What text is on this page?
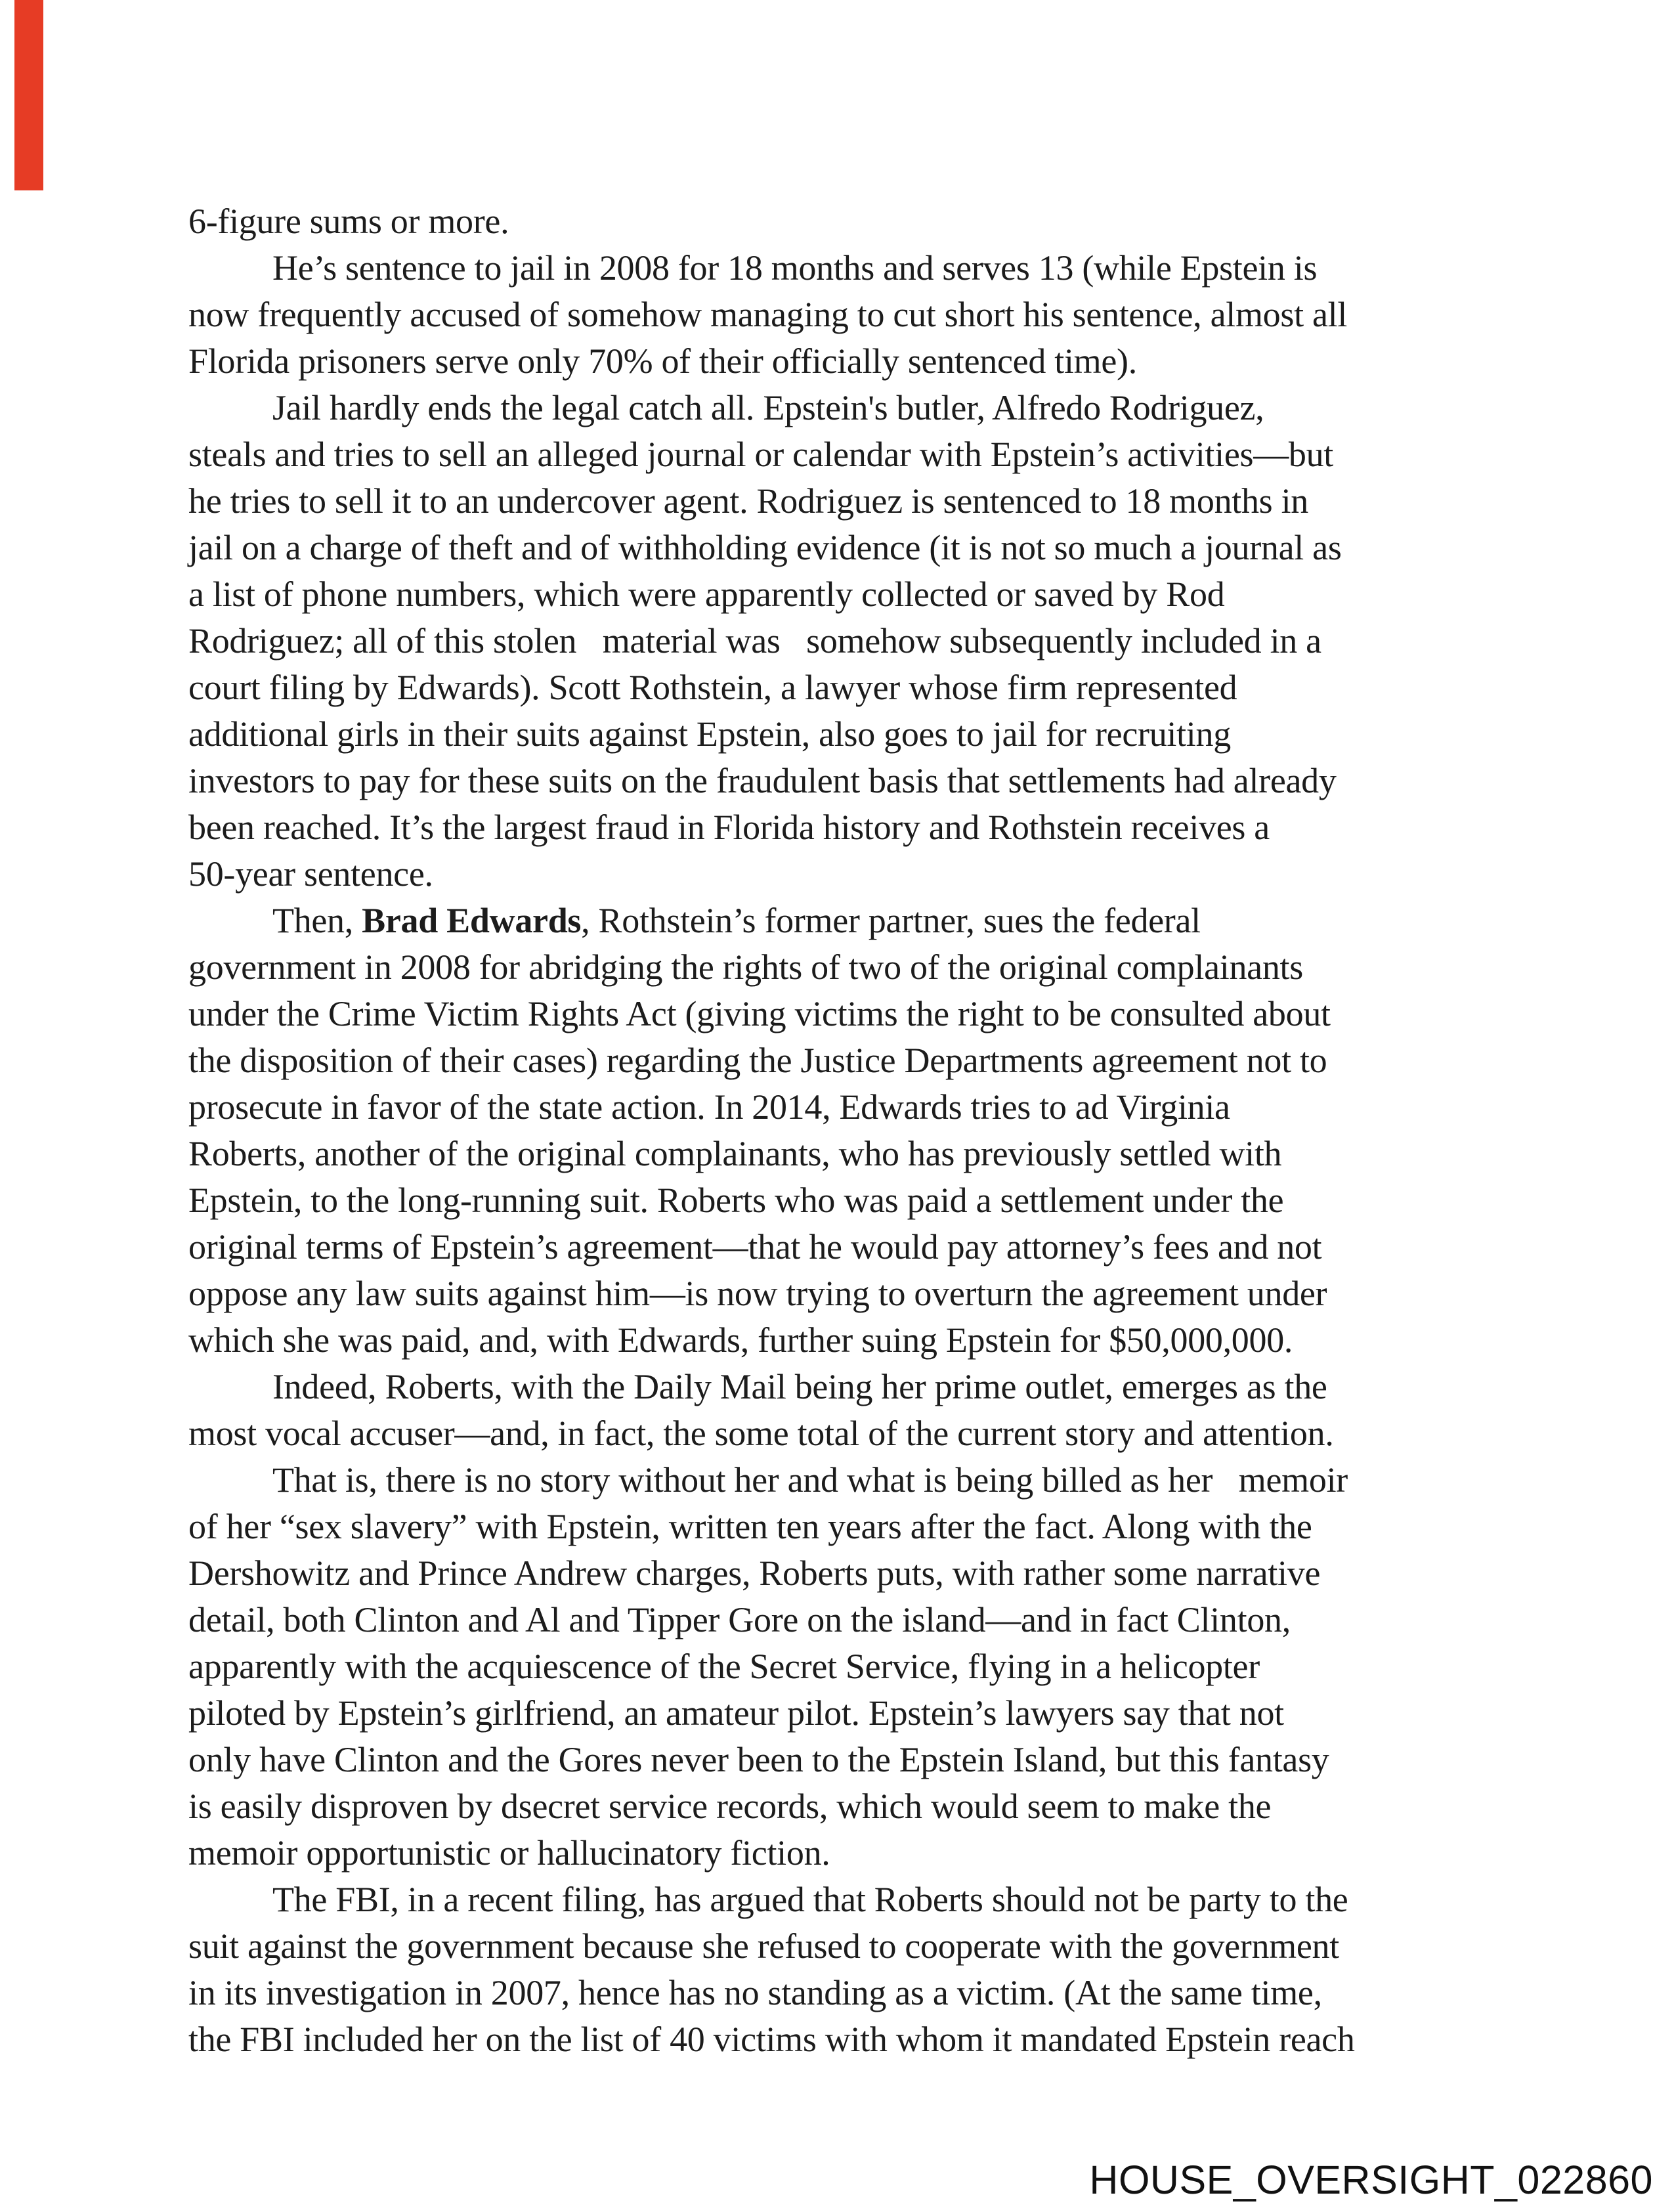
6-figure sums or more.
He’s sentence to jail in 2008 for 18 months and serves 13 (while Epstein is
now frequently accused of somehow managing to cut short his sentence, almost all
Florida prisoners serve only 70% of their officially sentenced time).
Jail hardly ends the legal catch all. Epstein's butler, Alfredo Rodriguez,
steals and tries to sell an alleged journal or calendar with Epstein’s activities—but
he tries to sell it to an undercover agent. Rodriguez is sentenced to 18 months in
jail on a charge of theft and of withholding evidence (it is not so much a journal as
a list of phone numbers, which were apparently collected or saved by Rod
Rodriguez; all of this stolen   material was   somehow subsequently included in a
court filing by Edwards). Scott Rothstein, a lawyer whose firm represented
additional girls in their suits against Epstein, also goes to jail for recruiting
investors to pay for these suits on the fraudulent basis that settlements had already
been reached. It’s the largest fraud in Florida history and Rothstein receives a
50-year sentence.
Then, Brad Edwards, Rothstein’s former partner, sues the federal
government in 2008 for abridging the rights of two of the original complainants
under the Crime Victim Rights Act (giving victims the right to be consulted about
the disposition of their cases) regarding the Justice Departments agreement not to
prosecute in favor of the state action. In 2014, Edwards tries to ad Virginia
Roberts, another of the original complainants, who has previously settled with
Epstein, to the long-running suit. Roberts who was paid a settlement under the
original terms of Epstein’s agreement—that he would pay attorney’s fees and not
oppose any law suits against him—is now trying to overturn the agreement under
which she was paid, and, with Edwards, further suing Epstein for $50,000,000.
Indeed, Roberts, with the Daily Mail being her prime outlet, emerges as the
most vocal accuser—and, in fact, the some total of the current story and attention.
That is, there is no story without her and what is being billed as her   memoir
of her “sex slavery” with Epstein, written ten years after the fact. Along with the
Dershowitz and Prince Andrew charges, Roberts puts, with rather some narrative
detail, both Clinton and Al and Tipper Gore on the island—and in fact Clinton,
apparently with the acquiescence of the Secret Service, flying in a helicopter
piloted by Epstein’s girlfriend, an amateur pilot. Epstein’s lawyers say that not
only have Clinton and the Gores never been to the Epstein Island, but this fantasy
is easily disproven by dsecret service records, which would seem to make the
memoir opportunistic or hallucinatory fiction.
The FBI, in a recent filing, has argued that Roberts should not be party to the
suit against the government because she refused to cooperate with the government
in its investigation in 2007, hence has no standing as a victim. (At the same time,
the FBI included her on the list of 40 victims with whom it mandated Epstein reach
HOUSE_OVERSIGHT_022860
